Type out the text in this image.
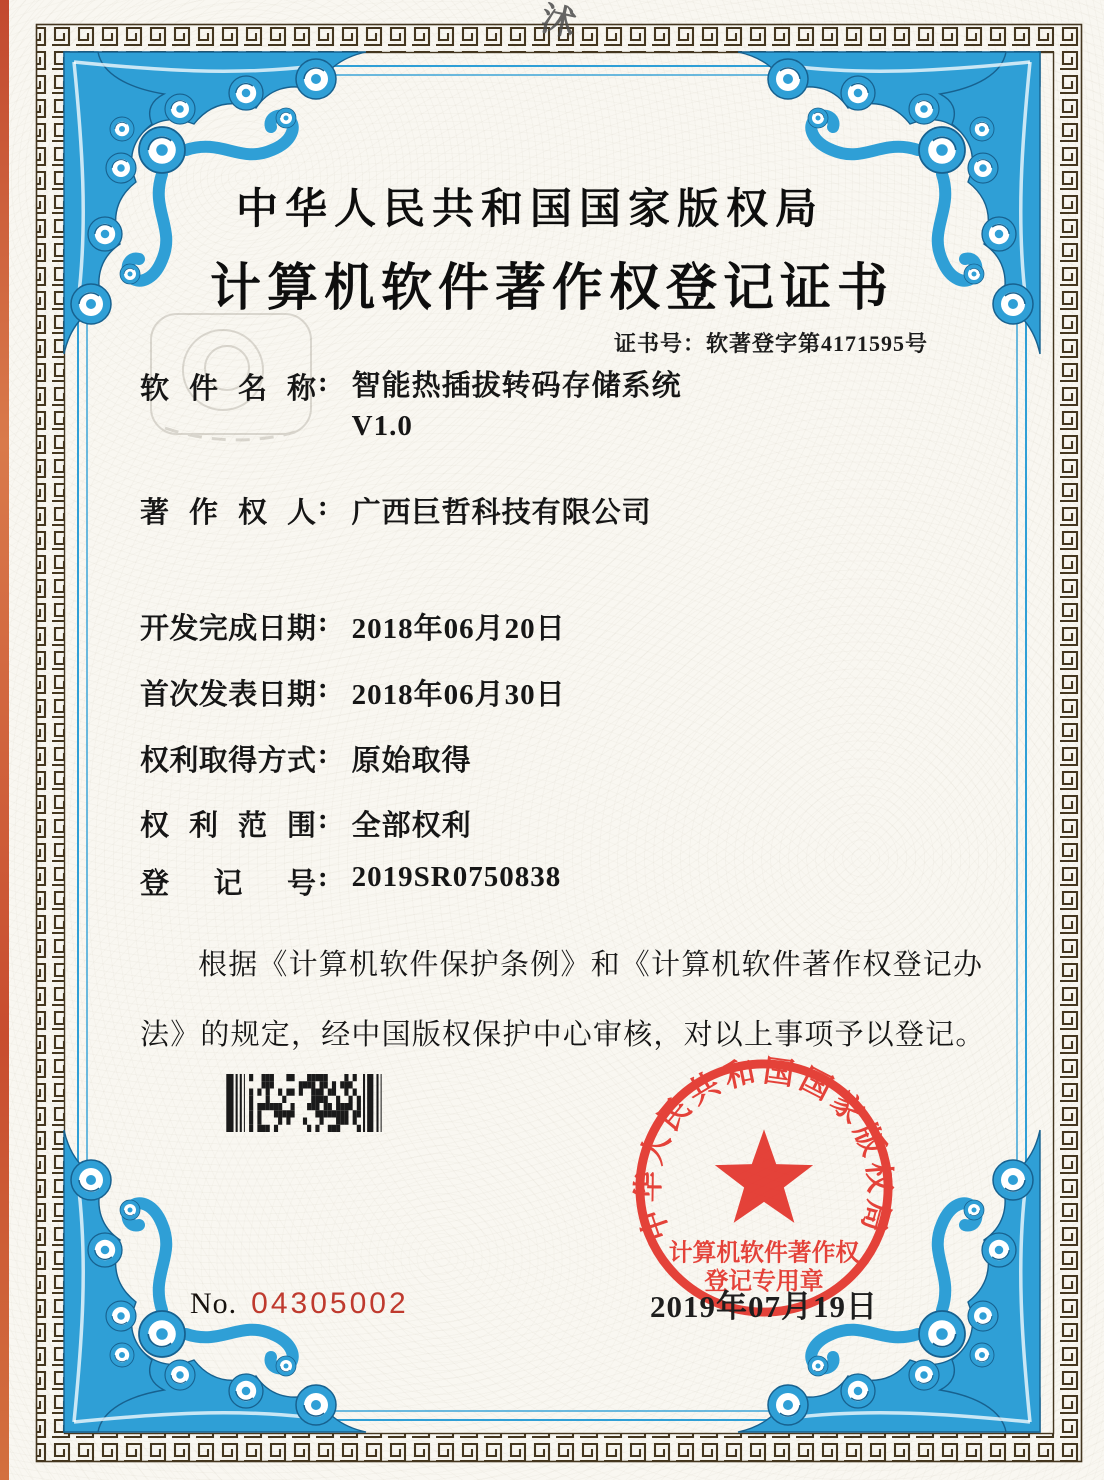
沭
中华人民共和国国家版权局
计算机软件著作权登记证书
证书号：软著登字第4171595号
软件名称 : 智能热插拔转码存储系统
V1.0
著作权人 : 广西巨哲科技有限公司
开发完成日期 : 2018年06月20日
首次发表日期 : 2018年06月30日
权利取得方式 : 原始取得
权利范围 : 全部权利
登记号 : 2019SR0750838
根据《计算机软件保护条例》和《计算机软件著作权登记办法》的规定，经中国版权保护中心审核，对以上事项予以登记。
中华人民共和国国家版权局
计算机软件著作权
登记专用章
2019年07月19日
No. 04305002
